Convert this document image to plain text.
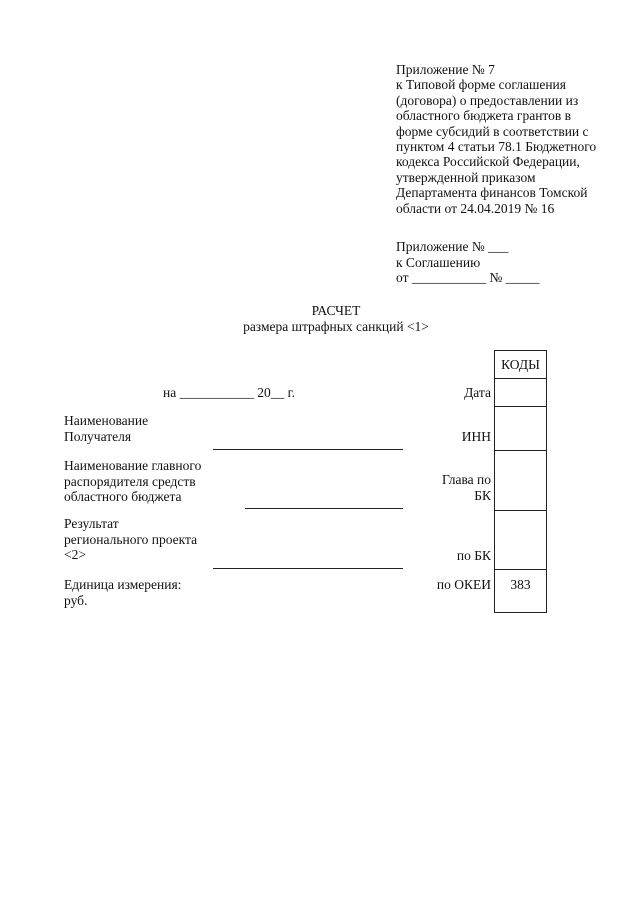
Приложение № 7
к Типовой форме соглашения
(договора) о предоставлении из
областного бюджета грантов в
форме субсидий в соответствии с
пунктом 4 статьи 78.1 Бюджетного
кодекса Российской Федерации,
утвержденной приказом
Департамента финансов Томской
области от 24.04.2019 № 16
Приложение № ___
к Соглашению
от ___________ № _____
РАСЧЕТ
размера штрафных санкций <1>
на ___________ 20__ г.
Наименование
Получателя
Наименование главного
распорядителя средств
областного бюджета
Результат
регионального проекта
<2>
Единица измерения:
руб.
Дата
ИНН
Глава по
БК
по БК
по ОКЕИ
КОДЫ
383
